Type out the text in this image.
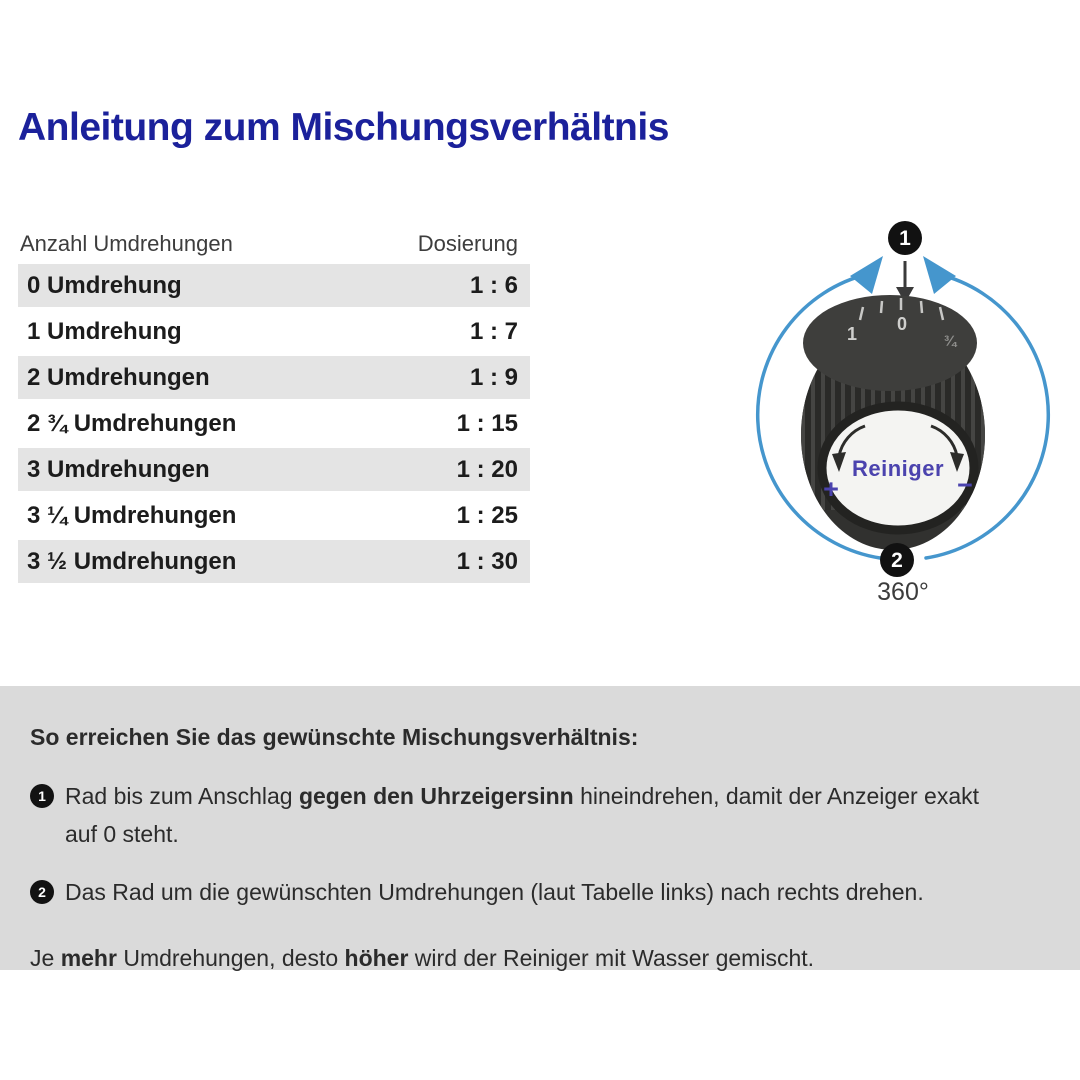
Anleitung zum Mischungsverhältnis
Anzahl Umdrehungen	Dosierung
0 Umdrehung	1 : 6
1 Umdrehung	1 : 7
2 Umdrehungen	1 : 9
2 ¾ Umdrehungen	1 : 15
3 Umdrehungen	1 : 20
3 ¼ Umdrehungen	1 : 25
3 ½ Umdrehungen	1 : 30
1
1 0
¾
Reiniger
+	−
2
360°

So erreichen Sie das gewünschte Mischungsverhältnis:

1 Rad bis zum Anschlag gegen den Uhrzeigersinn hineindrehen, damit der Anzeiger exakt auf 0 steht.

2 Das Rad um die gewünschten Umdrehungen (laut Tabelle links) nach rechts drehen.

Je mehr Umdrehungen, desto höher wird der Reiniger mit Wasser gemischt.
